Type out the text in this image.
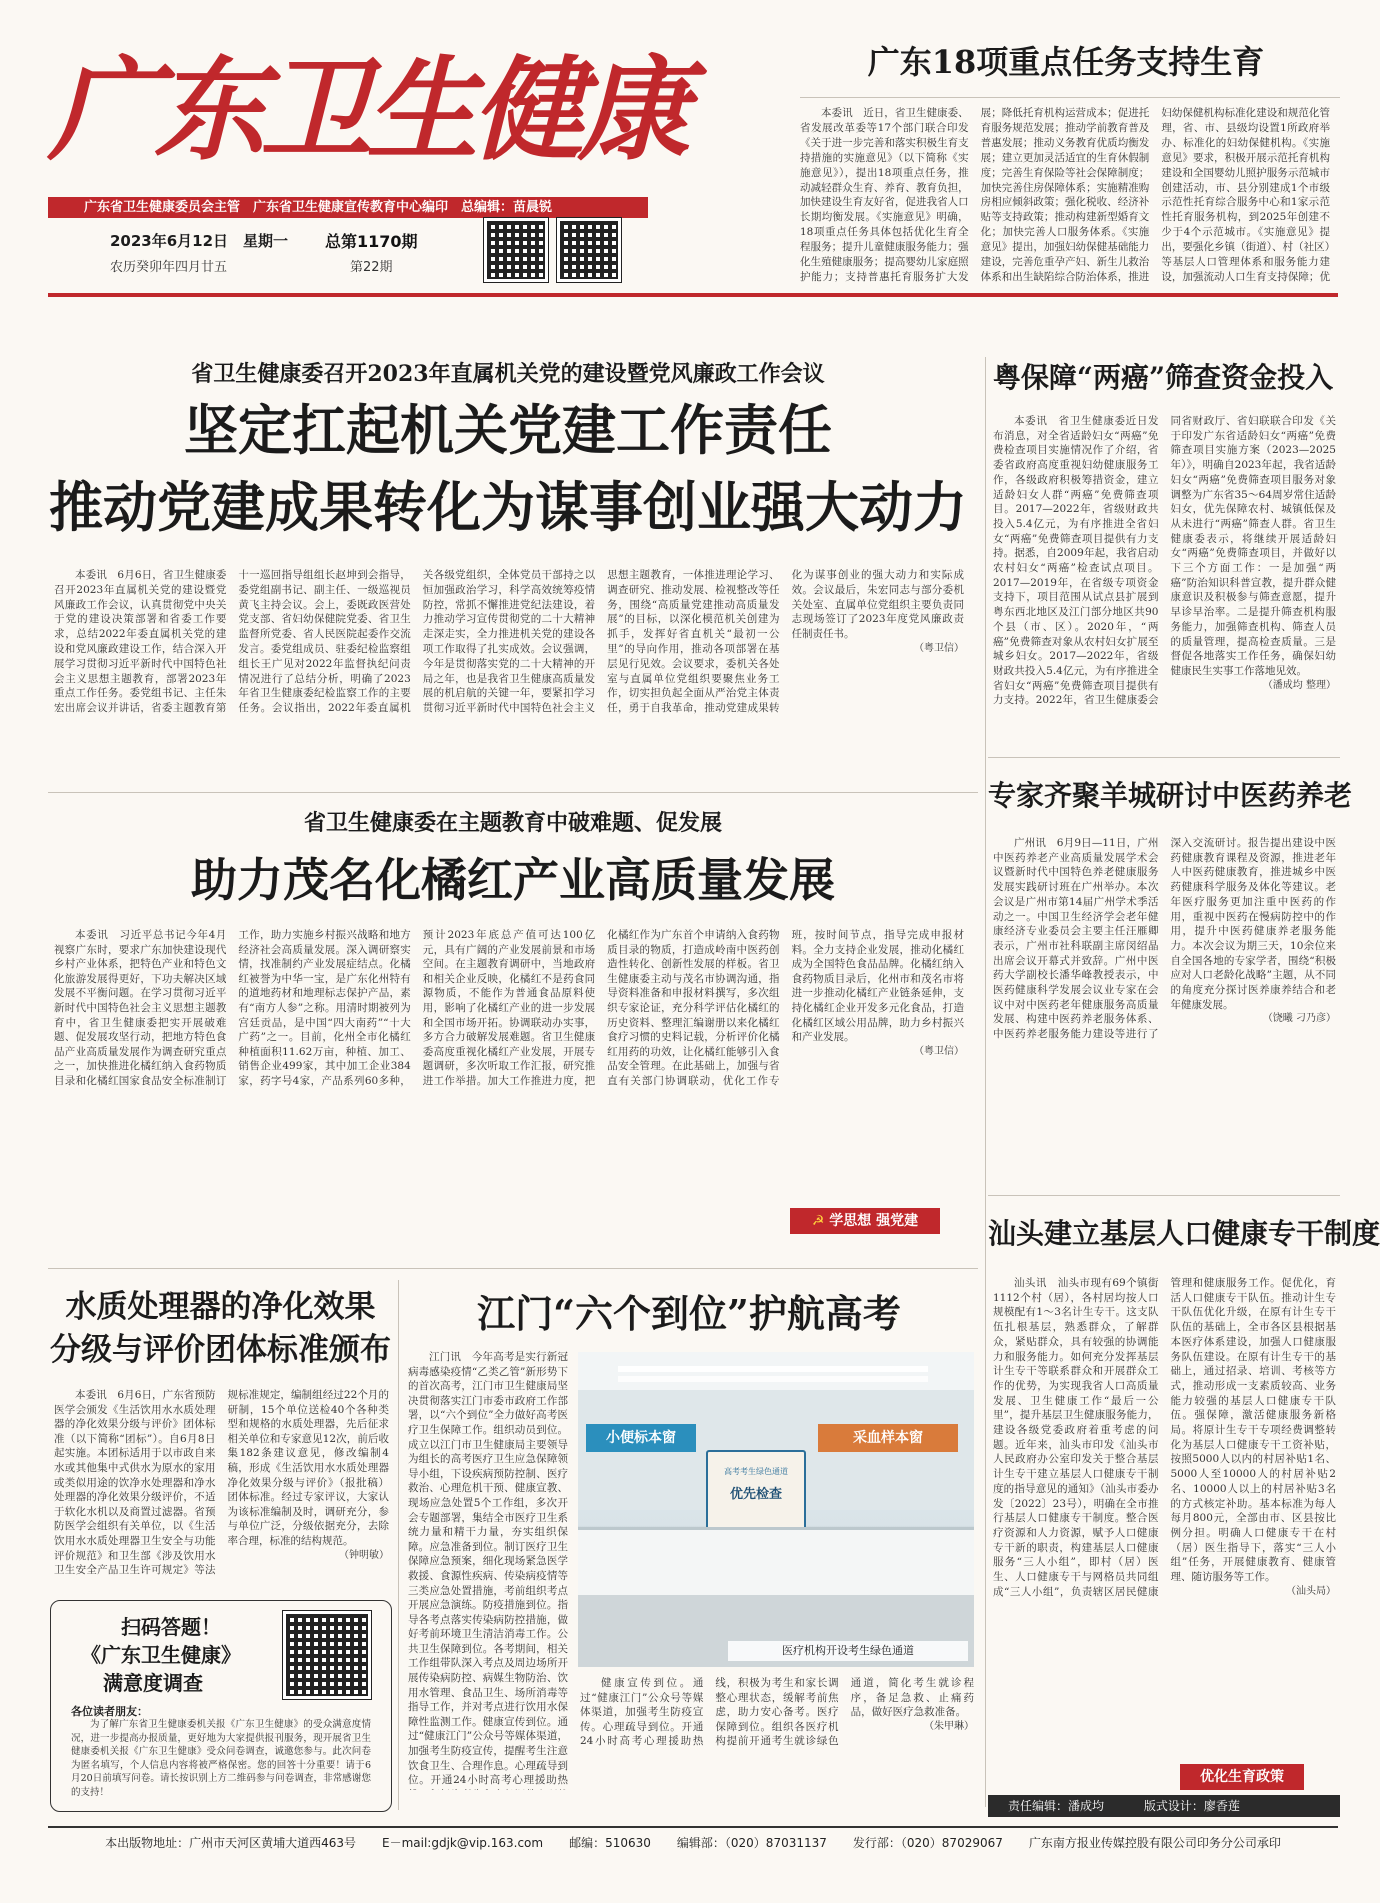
广东卫生健康
广东省卫生健康委员会主管　广东省卫生健康宣传教育中心编印　总编辑：苗晨锐
2023年6月12日　星期一 总第1170期
农历癸卯年四月廿五	第22期
广东18项重点任务支持生育

本委讯　近日，省卫生健康委、省发展改革委等17个部门联合印发《关于进一步完善和落实积极生育支持措施的实施意见》（以下简称《实施意见》），提出18项重点任务，推动减轻群众生育、养育、教育负担，加快建设生育友好省，促进我省人口长期均衡发展。《实施意见》明确，18项重点任务具体包括优化生育全程服务；提升儿童健康服务能力；强化生殖健康服务；提高婴幼儿家庭照护能力；支持普惠托育服务扩大发展；降低托育机构运营成本；促进托育服务规范发展；推动学前教育普及普惠发展；推动义务教育优质均衡发展；建立更加灵活适宜的生育休假制度；完善生育保险等社会保障制度；加快完善住房保障体系；实施精准购房相应倾斜政策；强化税收、经济补贴等支持政策；推动构建新型婚育文化；加快完善人口服务体系。《实施意见》提出，加强妇幼保健基础能力建设，完善危重孕产妇、新生儿救治体系和出生缺陷综合防治体系，推进妇幼保健机构标准化建设和规范化管理，省、市、县级均设置1所政府举办、标准化的妇幼保健机构。《实施意见》要求，积极开展示范托育机构建设和全国婴幼儿照护服务示范城市创建活动，市、县分别建成1个市级示范性托育综合服务中心和1家示范性托育服务机构，到2025年创建不少于4个示范城市。《实施意见》提出，要强化乡镇（街道）、村（社区）等基层人口管理体系和服务能力建设，加强流动人口生育支持保障；优

省卫生健康委召开2023年直属机关党的建设暨党风廉政工作会议
坚定扛起机关党建工作责任
推动党建成果转化为谋事创业强大动力

本委讯　6月6日，省卫生健康委召开2023年直属机关党的建设暨党风廉政工作会议，认真贯彻党中央关于党的建设决策部署和省委工作要求，总结2022年委直属机关党的建设和党风廉政建设工作，结合深入开展学习贯彻习近平新时代中国特色社会主义思想主题教育，部署2023年重点工作任务。委党组书记、主任朱宏出席会议并讲话，省委主题教育第十一巡回指导组组长赵坤到会指导，委党组副书记、副主任、一级巡视员黄飞主持会议。会上，委既政医营处党支部、省妇幼保健院党委、省卫生监督所党委、省人民医院起委作交流发言。委党组成员、驻委纪检监察组组长王广见对2022年监督执纪问责情况进行了总结分析，明确了2023年省卫生健康委纪检监察工作的主要任务。会议指出，2022年委直属机关各级党组织，全体党员干部持之以恒加强政治学习，科学高效统筹疫情防控，常抓不懈推进党纪法建设，着力推动学习宣传贯彻党的二十大精神走深走实，全力推进机关党的建设各项工作取得了扎实成效。会议强调，今年是贯彻落实党的二十大精神的开局之年，也是我省卫生健康高质量发展的机启航的关键一年，要紧扣学习贯彻习近平新时代中国特色社会主义思想主题教育，一体推进理论学习、调查研究、推动发展、检视整改等任务，围绕“高质量党建推动高质量发展”的目标，以深化模范机关创建为抓手，发挥好省直机关“最初一公里”的导向作用，推动各项部署在基层见行见效。会议要求，委机关各处室与直属单位党组织要聚焦业务工作，切实担负起全面从严治党主体责任，勇于自我革命，推动党建成果转化为谋事创业的强大动力和实际成效。会议最后，朱宏同志与部分委机关处室、直属单位党组织主要负责同志现场签订了2023年度党风廉政责任制责任书。

（粤卫信）
粤保障“两癌”筛查资金投入

本委讯　省卫生健康委近日发布消息，对全省适龄妇女“两癌”免费检查项目实施情况作了介绍，省委省政府高度重视妇幼健康服务工作，各级政府积极筹措资金，建立适龄妇女人群“两癌”免费筛查项目。2017—2022年，省级财政共投入5.4亿元，为有序推进全省妇女“两癌”免费筛查项目提供有力支持。据悉，自2009年起，我省启动农村妇女“两癌”检查试点项目。2017—2019年，在省级专项资金支持下，项目范围从试点县扩展到粤东西北地区及江门部分地区共90个县（市、区）。2020年，“两癌”免费筛查对象从农村妇女扩展至城乡妇女。2017—2022年，省级财政共投入5.4亿元，为有序推进全省妇女“两癌”免费筛查项目提供有力支持。2022年，省卫生健康委会同省财政厅、省妇联联合印发《关于印发广东省适龄妇女“两癌”免费筛查项目实施方案（2023—2025年）》，明确自2023年起，我省适龄妇女“两癌”免费筛查项目服务对象调整为广东省35～64周岁常住适龄妇女，优先保障农村、城镇低保及从未进行“两癌”筛查人群。省卫生健康委表示，将继续开展适龄妇女“两癌”免费筛查项目，并做好以下三个方面工作：一是加强“两癌”防治知识科普宣教，提升群众健康意识及积极参与筛查意愿，提升早诊早治率。二是提升筛查机构服务能力，加强筛查机构、筛查人员的质量管理，提高检查质量。三是督促各地落实工作任务，确保妇幼健康民生实事工作落地见效。

（潘成均 整理）
专家齐聚羊城研讨中医药养老

广州讯　6月9日—11日，广州中医药养老产业高质量发展学术会议暨新时代中国特色养老健康服务发展实践研讨班在广州举办。本次会议是广州市第14届广州学术季活动之一。中国卫生经济学会老年健康经济专业委员会主要主任汪雁卿表示，广州市社科联副主席闵绍晶出席会议开幕式并致辞。广州中医药大学副校长潘华峰教授表示，中医药健康科学发展会议业专家在会议中对中医药老年健康服务高质量发展、构建中医药养老服务体系、中医药养老服务能力建设等进行了深入交流研讨。报告提出建设中医药健康教育课程及资源，推进老年人中医药健康教育，推进城乡中医药健康科学服务及体化等建议。老年医疗服务更加注重中医药的作用，重视中医药在慢病防控中的作用，提升中医药健康养老服务能力。本次会议为期三天，10余位来自全国各地的专家学者，围绕“积极应对人口老龄化战略”主题，从不同的角度充分探讨医养康养结合和老年健康发展。

（饶曦 刁乃彦）
汕头建立基层人口健康专干制度

汕头讯　汕头市现有69个镇街1112个村（居），各村居均按人口规模配有1～3名计生专干。这支队伍扎根基层，熟悉群众，了解群众，紧贴群众，具有较强的协调能力和服务能力。如何充分发挥基层计生专干等联系群众和开展群众工作的优势，为实现我省人口高质量发展、卫生健康工作“最后一公里”，提升基层卫生健康服务能力，建设各级党委政府着重考虑的问题。近年来，汕头市印发《汕头市人民政府办公室印发关于整合基层计生专干建立基层人口健康专干制度的指导意见的通知》（汕头市委办发〔2022〕23号），明确在全市推行基层人口健康专干制度。整合医疗资源和人力资源，赋予人口健康专干新的职责，构建基层人口健康服务“三人小组”，即村（居）医生、人口健康专干与网格员共同组成“三人小组”，负责辖区居民健康管理和健康服务工作。促优化，育活人口健康专干队伍。推动计生专干队伍优化升级，在原有计生专干队伍的基础上，全市各区县根据基本医疗体系建设，加强人口健康服务队伍建设。在原有计生专干的基础上，通过招录、培训、考核等方式，推动形成一支素质较高、业务能力较强的基层人口健康专干队伍。强保障，激活健康服务新格局。将原计生专干专项经费调整转化为基层人口健康专干工资补贴，按照5000人以内的村居补贴1名、5000人至10000人的村居补贴2名、10000人以上的村居补贴3名的方式核定补助。基本标准为每人每月800元，全部由市、区县按比例分担。明确人口健康专干在村（居）医生指导下，落实“三人小组”任务，开展健康教育、健康管理、随访服务等工作。

（汕头局）
优化生育政策
省卫生健康委在主题教育中破难题、促发展
助力茂名化橘红产业高质量发展

本委讯　习近平总书记今年4月视察广东时，要求广东加快建设现代乡村产业体系，把特色产业和特色文化旅游发展得更好，下功夫解决区域发展不平衡问题。在学习贯彻习近平新时代中国特色社会主义思想主题教育中，省卫生健康委把实开展破难题、促发展攻坚行动，把地方特色食品产业高质量发展作为调查研究重点之一，加快推进化橘红纳入食药物质目录和化橘红国家食品安全标准制订工作，助力实施乡村振兴战略和地方经济社会高质量发展。深入调研察实情，找准制约产业发展症结点。化橘红被誉为中华一宝，是广东化州特有的道地药材和地理标志保护产品，素有“南方人参”之称。用清时期被列为宫廷贡品，是中国“四大南药”“十大广药”之一。目前，化州全市化橘红种植面积11.62万亩，种植、加工、销售企业499家，其中加工企业384家，药字号4家，产品系列60多种，预计2023年底总产值可达100亿元，具有广阔的产业发展前景和市场空间。在主题教育调研中，当地政府和相关企业反映，化橘红不是药食同源物质，不能作为普通食品原料使用，影响了化橘红产业的进一步发展和全国市场开拓。协调联动办实事，多方合力破解发展难题。省卫生健康委高度重视化橘红产业发展，开展专题调研，多次听取工作汇报，研究推进工作举措。加大工作推进力度，把化橘红作为广东首个申请纳入食药物质目录的物质，打造成岭南中医药创造性转化、创新性发展的样板。省卫生健康委主动与茂名市协调沟通，指导资料准备和申报材料撰写，多次组织专家论证，充分科学评估化橘红的历史资料、整理汇编谢册以来化橘红食疗习惯的史料记载，分析评价化橘红用药的功效，让化橘红能够引入食品安全管理。在此基础上，加强与省直有关部门协调联动，优化工作专班，按时间节点，指导完成申报材料。全力支持企业发展，推动化橘红成为全国特色食品品牌。化橘红纳入食药物质目录后，化州市和茂名市将进一步推动化橘红产业链条延伸，支持化橘红企业开发多元化食品，打造化橘红区域公用品牌，助力乡村振兴和产业发展。

（粤卫信）
☭ 学思想 强党建
水质处理器的净化效果
分级与评价团体标准颁布

本委讯　6月6日，广东省预防医学会颁发《生活饮用水水质处理器的净化效果分级与评价》团体标准（以下简称“团标”）。自6月8日起实施。本团标适用于以市政自来水或其他集中式供水为原水的家用或类似用途的饮净水处理器和净水处理器的净化效果分级评价，不适于软化水机以及商置过滤器。省预防医学会组织有关单位，以《生活饮用水水质处理器卫生安全与功能评价规范》和卫生部《涉及饮用水卫生安全产品卫生许可规定》等法规标准规定，编制组经过22个月的研制，15个单位送检40个各种类型和规格的水质处理器，先后征求相关单位和专家意见12次，前后收集182条建议意见，修改编制4稿，形成《生活饮用水水质处理器净化效果分级与评价》（报批稿）团体标准。经过专家评议，大家认为该标准编制及时，调研充分，参与单位广泛，分级依据充分，去除率合理，标准的结构规范。

（钟明敏）
扫码答题！
《广东卫生健康》
满意度调查
各位读者朋友：
为了解广东省卫生健康委机关报《广东卫生健康》的受众满意度情况，进一步提高办报质量，更好地为大家提供报刊服务，现开展省卫生健康委机关报《广东卫生健康》受众问卷调查，诚邀您参与。此次问卷为匿名填写，个人信息内容将被严格保密。您的回答十分重要！请于6月20日前填写问卷。请长按识别上方二维码参与问卷调查，非常感谢您的支持！
江门“六个到位”护航高考

江门讯　今年高考是实行新冠病毒感染疫情“乙类乙管”新形势下的首次高考，江门市卫生健康局坚决贯彻落实江门市委市政府工作部署，以“六个到位”全力做好高考医疗卫生保障工作。组织动员到位。成立以江门市卫生健康局主要领导为组长的高考医疗卫生应急保障领导小组，下设疾病预防控制、医疗救治、心理危机干预、健康宣教、现场应急处置5个工作组，多次开会专题部署，集结全市医疗卫生系统力量和精干力量，夯实组织保障。应急准备到位。制订医疗卫生保障应急预案，细化现场紧急医学救援、食源性疾病、传染病疫情等三类应急处置措施，考前组织考点开展应急演练。防疫措施到位。指导各考点落实传染病防控措施，做好考前环境卫生清洁消毒工作。公共卫生保障到位。各考期间，相关工作组带队深入考点及周边场所开展传染病防控、病媒生物防治、饮用水管理、食品卫生、场所消毒等指导工作，并对考点进行饮用水保障性监测工作。健康宣传到位。通过“健康江门”公众号等媒体渠道，加强考生防疫宣传，提醒考生注意饮食卫生、合理作息。心理疏导到位。开通24小时高考心理援助热

小便标本窗	采血样本窗
高考考生绿色通道
优先检查
医疗机构开设考生绿色通道

健康宣传到位。通过“健康江门”公众号等媒体渠道，加强考生防疫宣传。心理疏导到位。开通24小时高考心理援助热线，积极为考生和家长调整心理状态，缓解考前焦虑，助力安心备考。医疗保障到位。组织各医疗机构提前开通考生就诊绿色通道，简化考生就诊程序，备足急救、止痛药品，做好医疗急救准备。

（朱甲琳）
责任编辑：潘成均	版式设计：廖香莲
本出版物地址：广州市天河区黄埔大道西463号 E－mail:gdjk@vip.163.com 邮编：510630 编辑部：（020）87031137 发行部：（020）87029067 广东南方报业传媒控股有限公司印务分公司承印
